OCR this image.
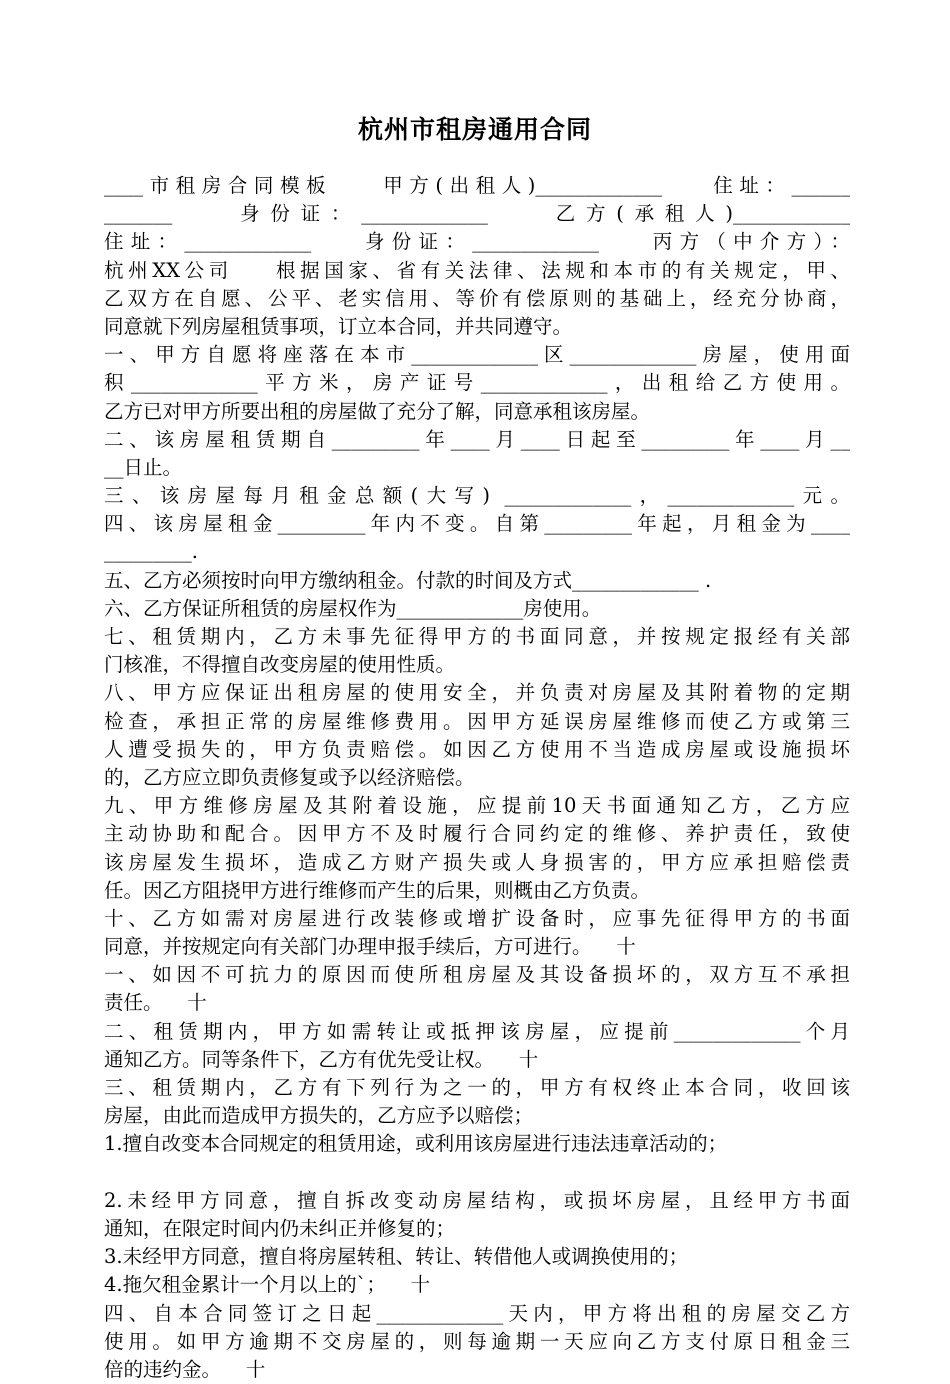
杭州市租房通用合同
____市租房合同模板    甲方(出租人)_____________    住址：______
_______    身份证：_____________    乙方(承租人)____________
住址：_____________    身份证：_____________    丙方（中介方）：
杭州XX公司    根据国家、省有关法律、法规和本市的有关规定，甲、
乙双方在自愿、公平、老实信用、等价有偿原则的基础上，经充分协商，
同意就下列房屋租赁事项，订立本合同，并共同遵守。
一、甲方自愿将座落在本市_____________区_____________房屋，使用面
积_____________平方米，房产证号_____________，出租给乙方使用。
乙方已对甲方所要出租的房屋做了充分了解，同意承租该房屋。
二、该房屋租赁期自_________年____月____日起至_________年____月__
__日止。
三、该房屋每月租金总额(大写) _____________，_____________元。
四、该房屋租金_________年内不变。自第_________年起，月租金为____
_________.
五、乙方必须按时向甲方缴纳租金。付款的时间及方式_____________ .
六、乙方保证所租赁的房屋权作为_____________房使用。
七、租赁期内，乙方未事先征得甲方的书面同意，并按规定报经有关部
门核准，不得擅自改变房屋的使用性质。
八、甲方应保证出租房屋的使用安全，并负责对房屋及其附着物的定期
检查，承担正常的房屋维修费用。因甲方延误房屋维修而使乙方或第三
人遭受损失的，甲方负责赔偿。如因乙方使用不当造成房屋或设施损坏
的，乙方应立即负责修复或予以经济赔偿。
九、甲方维修房屋及其附着设施，应提前10天书面通知乙方，乙方应
主动协助和配合。因甲方不及时履行合同约定的维修、养护责任，致使
该房屋发生损坏，造成乙方财产损失或人身损害的，甲方应承担赔偿责
任。因乙方阻挠甲方进行维修而产生的后果，则概由乙方负责。
十、乙方如需对房屋进行改装修或增扩设备时，应事先征得甲方的书面
同意，并按规定向有关部门办理申报手续后，方可进行。    十
一、如因不可抗力的原因而使所租房屋及其设备损坏的，双方互不承担
责任。    十
二、租赁期内，甲方如需转让或抵押该房屋，应提前_____________个月
通知乙方。同等条件下，乙方有优先受让权。    十
三、租赁期内，乙方有下列行为之一的，甲方有权终止本合同，收回该
房屋，由此而造成甲方损失的，乙方应予以赔偿；
1.擅自改变本合同规定的租赁用途，或利用该房屋进行违法违章活动的；
2.未经甲方同意，擅自拆改变动房屋结构，或损坏房屋，且经甲方书面
通知，在限定时间内仍未纠正并修复的；
3.未经甲方同意，擅自将房屋转租、转让、转借他人或调换使用的；
4.拖欠租金累计一个月以上的`；    十
四、自本合同签订之日起_____________天内，甲方将出租的房屋交乙方
使用。如甲方逾期不交房屋的，则每逾期一天应向乙方支付原日租金三
倍的违约金。    十
